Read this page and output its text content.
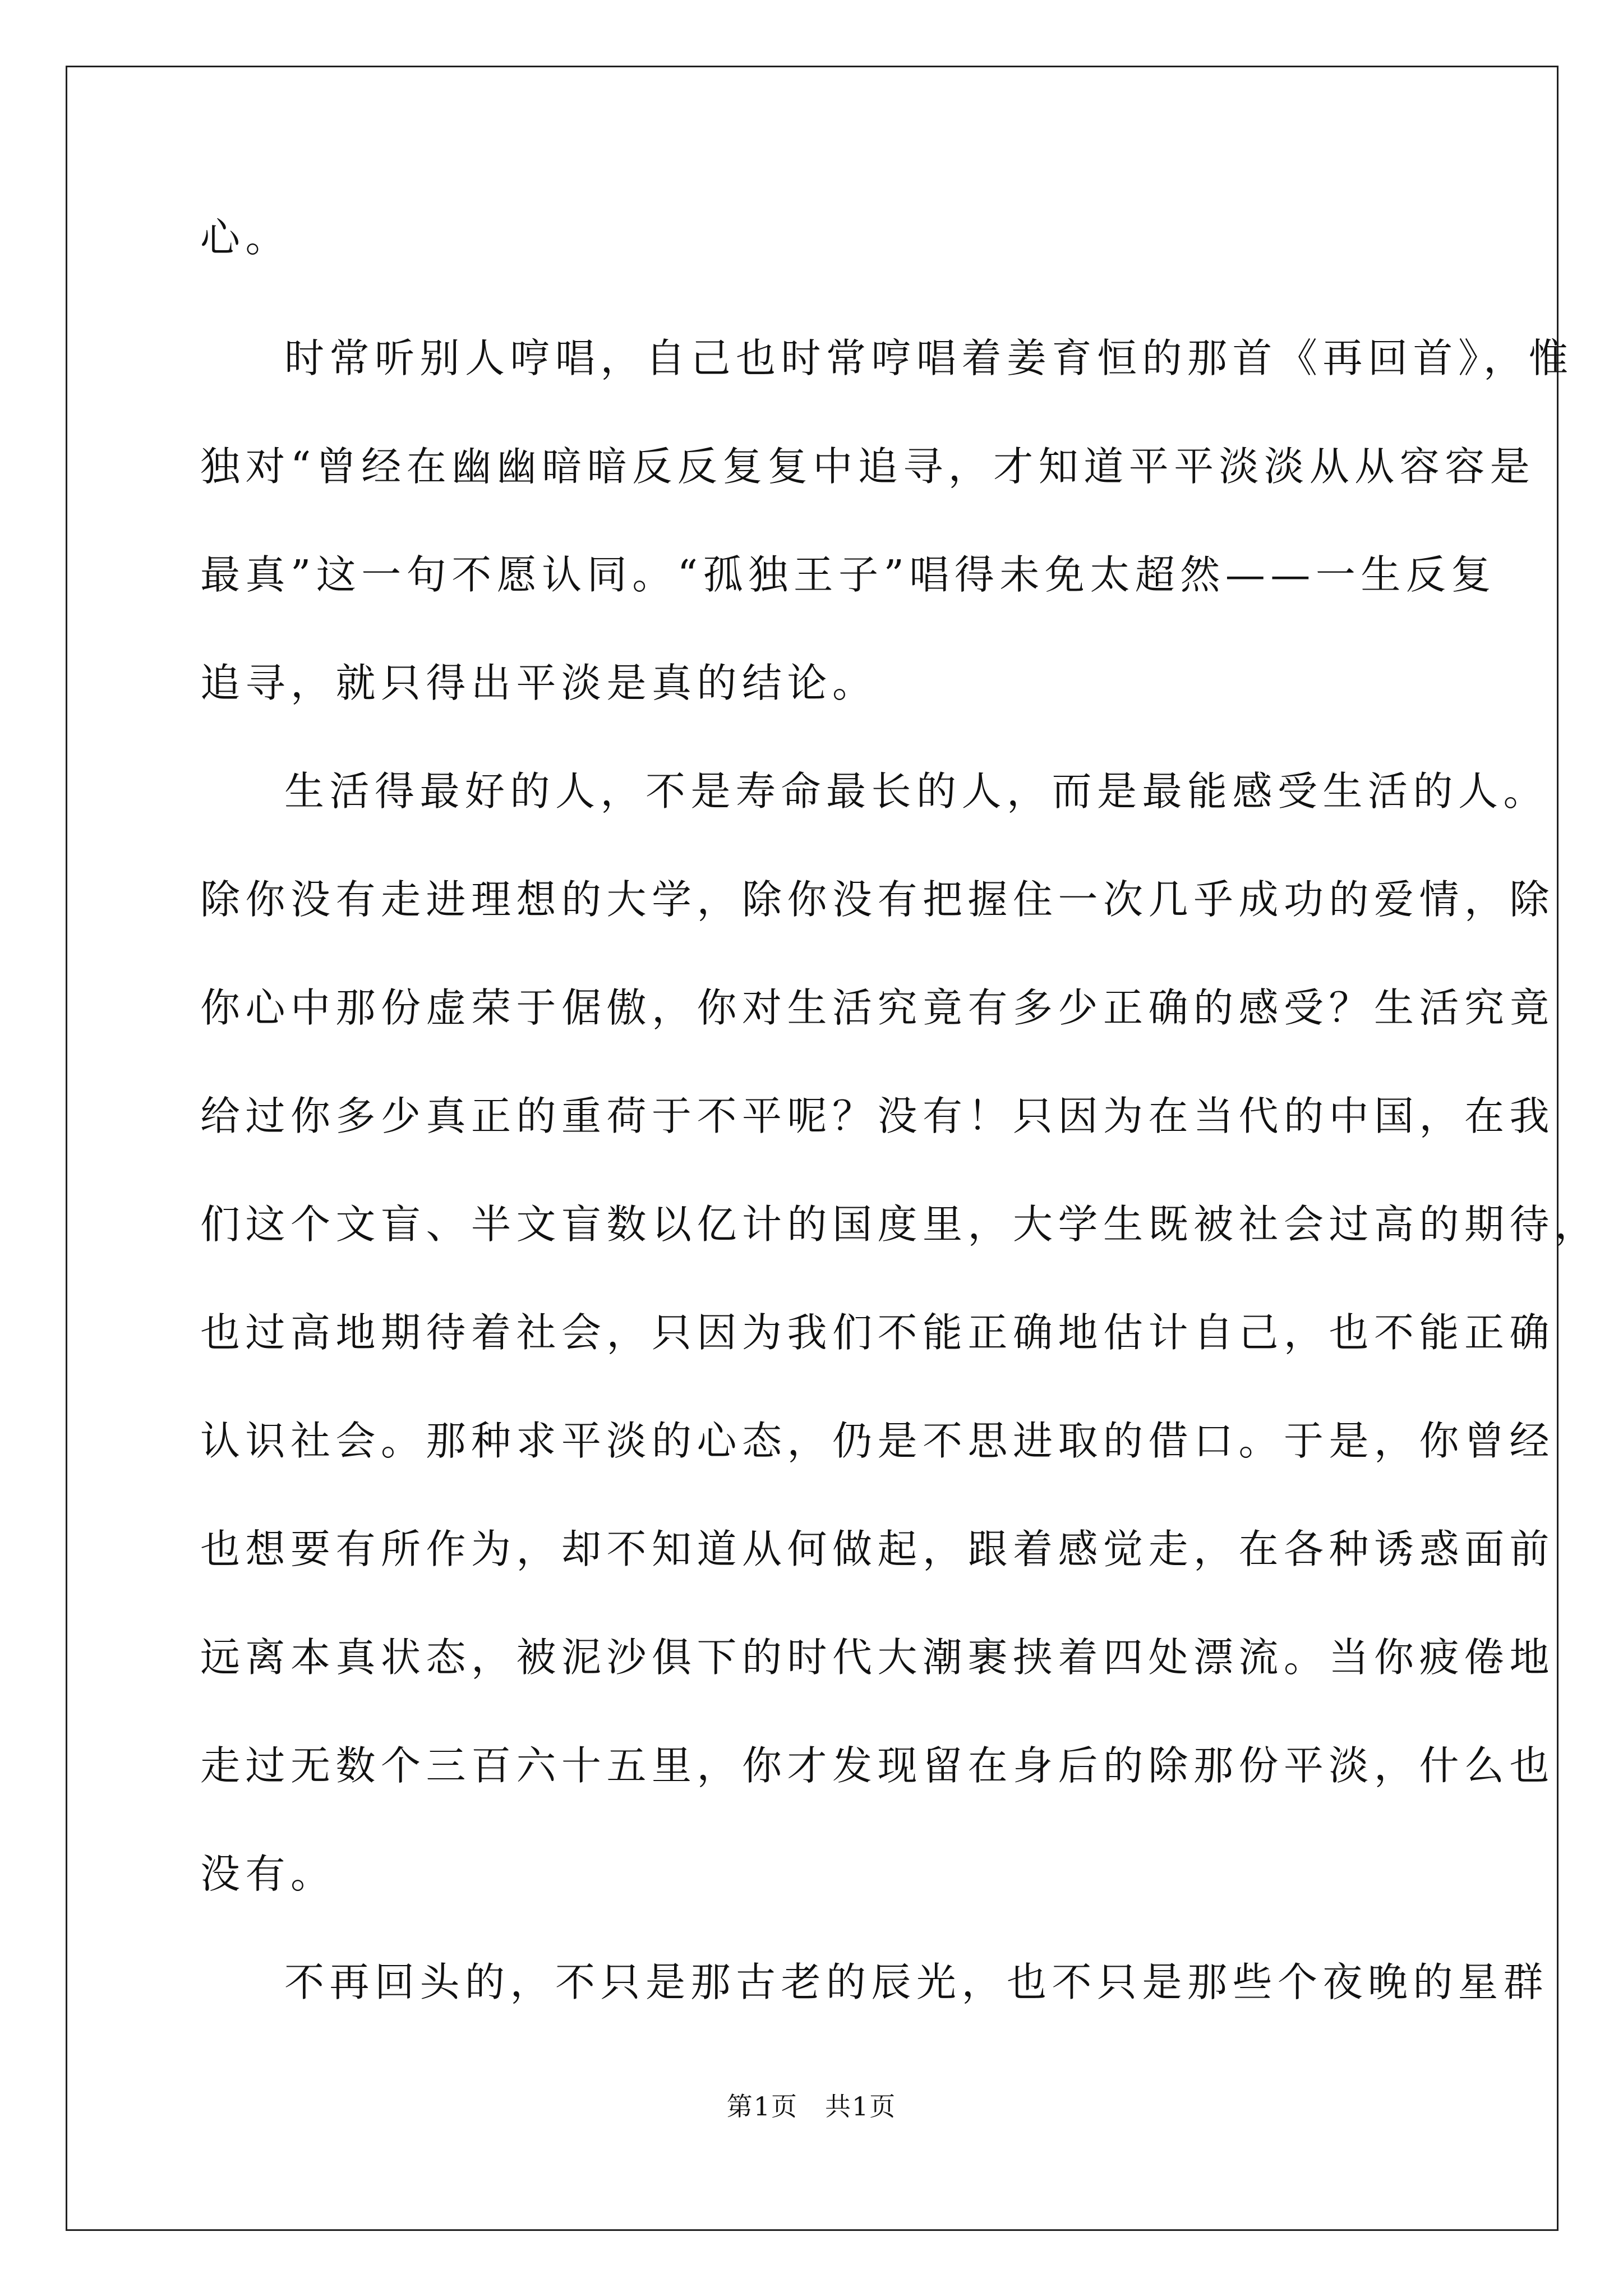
心。

时常听别人哼唱，自己也时常哼唱着姜育恒的那首《再回首》，惟

独对“曾经在幽幽暗暗反反复复中追寻，才知道平平淡淡从从容容是

最真”这一句不愿认同。“孤独王子”唱得未免太超然——一生反复

追寻，就只得出平淡是真的结论。

生活得最好的人，不是寿命最长的人，而是最能感受生活的人。

除你没有走进理想的大学，除你没有把握住一次几乎成功的爱情，除

你心中那份虚荣于倨傲，你对生活究竟有多少正确的感受？生活究竟

给过你多少真正的重荷于不平呢？没有！只因为在当代的中国，在我

们这个文盲、半文盲数以亿计的国度里，大学生既被社会过高的期待，

也过高地期待着社会，只因为我们不能正确地估计自己，也不能正确

认识社会。那种求平淡的心态，仍是不思进取的借口。于是，你曾经

也想要有所作为，却不知道从何做起，跟着感觉走，在各种诱惑面前

远离本真状态，被泥沙俱下的时代大潮裹挟着四处漂流。当你疲倦地

走过无数个三百六十五里，你才发现留在身后的除那份平淡，什么也

没有。

不再回头的，不只是那古老的辰光，也不只是那些个夜晚的星群

第1页　共1页
